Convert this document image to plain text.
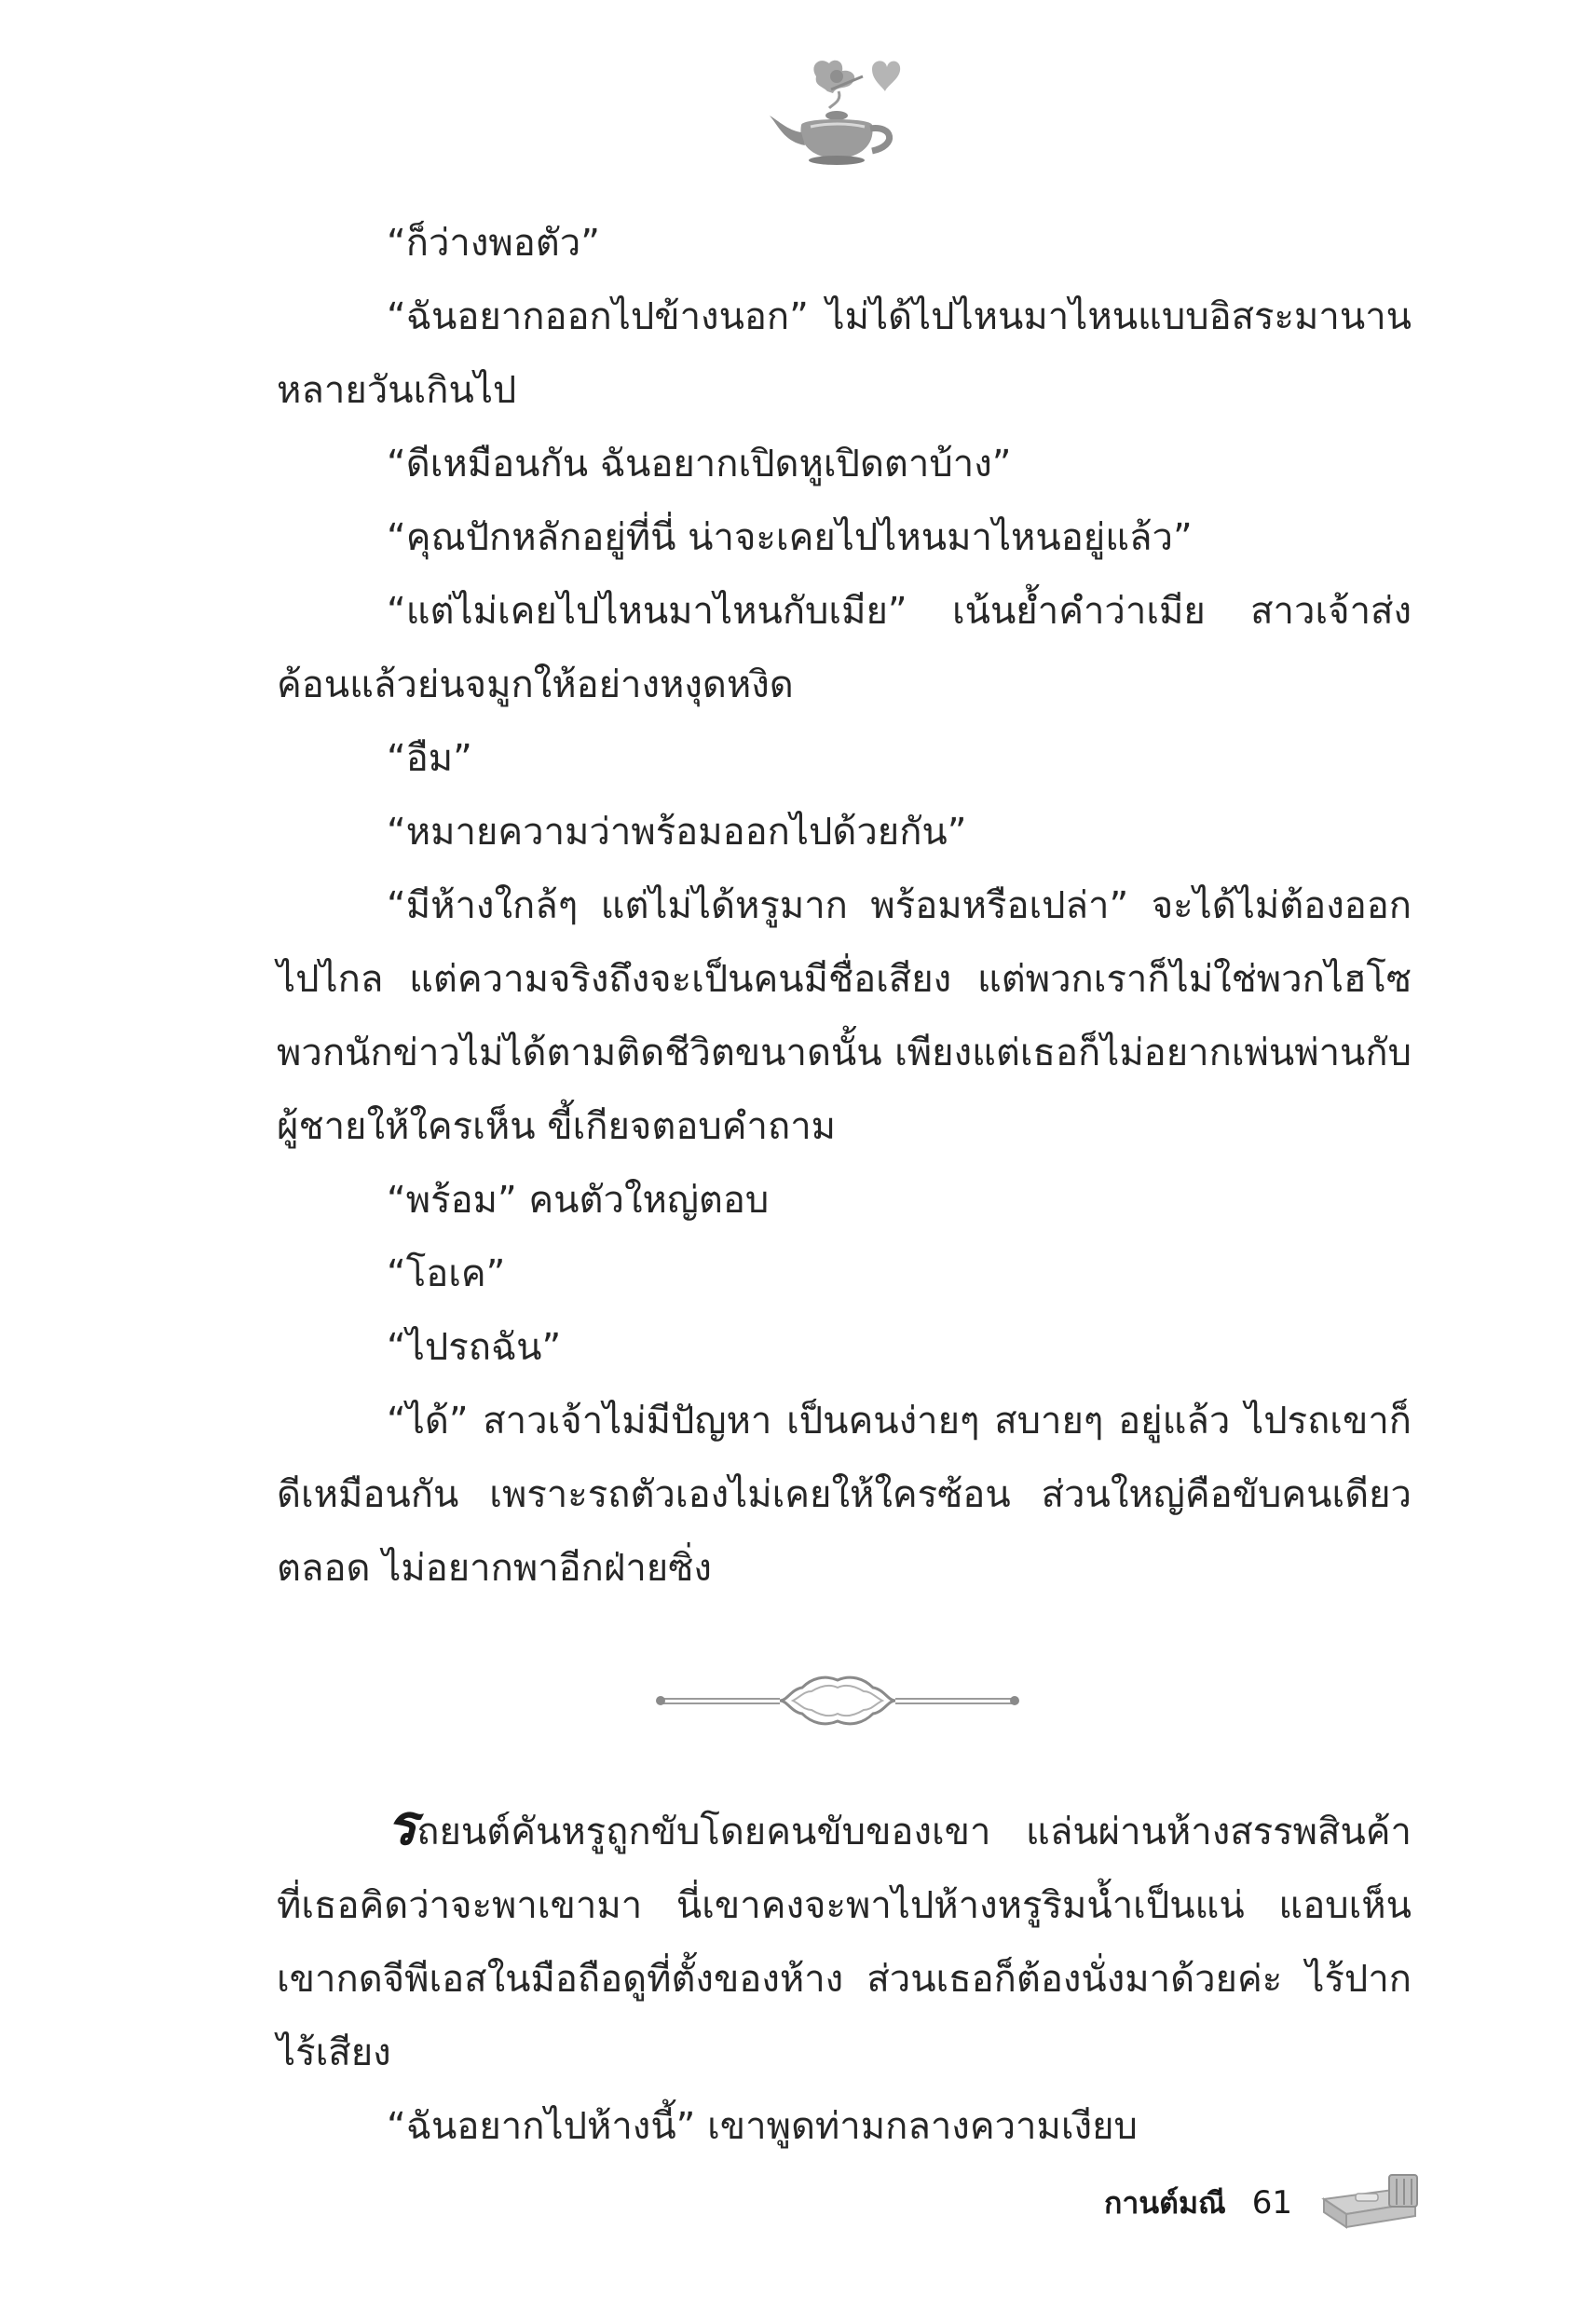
“ก็ว่างพอตัว”

“ฉันอยากออกไปข้างนอก” ไม่ได้ไปไหนมาไหนแบบอิสระมานานหลายวันเกินไป

“ดีเหมือนกัน ฉันอยากเปิดหูเปิดตาบ้าง”

“คุณปักหลักอยู่ที่นี่ น่าจะเคยไปไหนมาไหนอยู่แล้ว”

“แต่ไม่เคยไปไหนมาไหนกับเมีย” เน้นย้ำคำว่าเมีย สาวเจ้าส่งค้อนแล้วย่นจมูกให้อย่างหงุดหงิด

“อืม”

“หมายความว่าพร้อมออกไปด้วยกัน”

“มีห้างใกล้ๆ แต่ไม่ได้หรูมาก พร้อมหรือเปล่า” จะได้ไม่ต้องออกไปไกล แต่ความจริงถึงจะเป็นคนมีชื่อเสียง แต่พวกเราก็ไม่ใช่พวกไฮโซ พวกนักข่าวไม่ได้ตามติดชีวิตขนาดนั้น เพียงแต่เธอก็ไม่อยากเพ่นพ่านกับผู้ชายให้ใครเห็น ขี้เกียจตอบคำถาม

“พร้อม” คนตัวใหญ่ตอบ

“โอเค”

“ไปรถฉัน”

“ได้” สาวเจ้าไม่มีปัญหา เป็นคนง่ายๆ สบายๆ อยู่แล้ว ไปรถเขาก็ดีเหมือนกัน เพราะรถตัวเองไม่เคยให้ใครซ้อน ส่วนใหญ่คือขับคนเดียวตลอด ไม่อยากพาอีกฝ่ายซิ่ง

รถยนต์คันหรูถูกขับโดยคนขับของเขา แล่นผ่านห้างสรรพสินค้าที่เธอคิดว่าจะพาเขามา นี่เขาคงจะพาไปห้างหรูริมน้ำเป็นแน่ แอบเห็นเขากดจีพีเอสในมือถือดูที่ตั้งของห้าง ส่วนเธอก็ต้องนั่งมาด้วยค่ะ ไร้ปากไร้เสียง

“ฉันอยากไปห้างนี้” เขาพูดท่ามกลางความเงียบ

กานต์มณี 61
